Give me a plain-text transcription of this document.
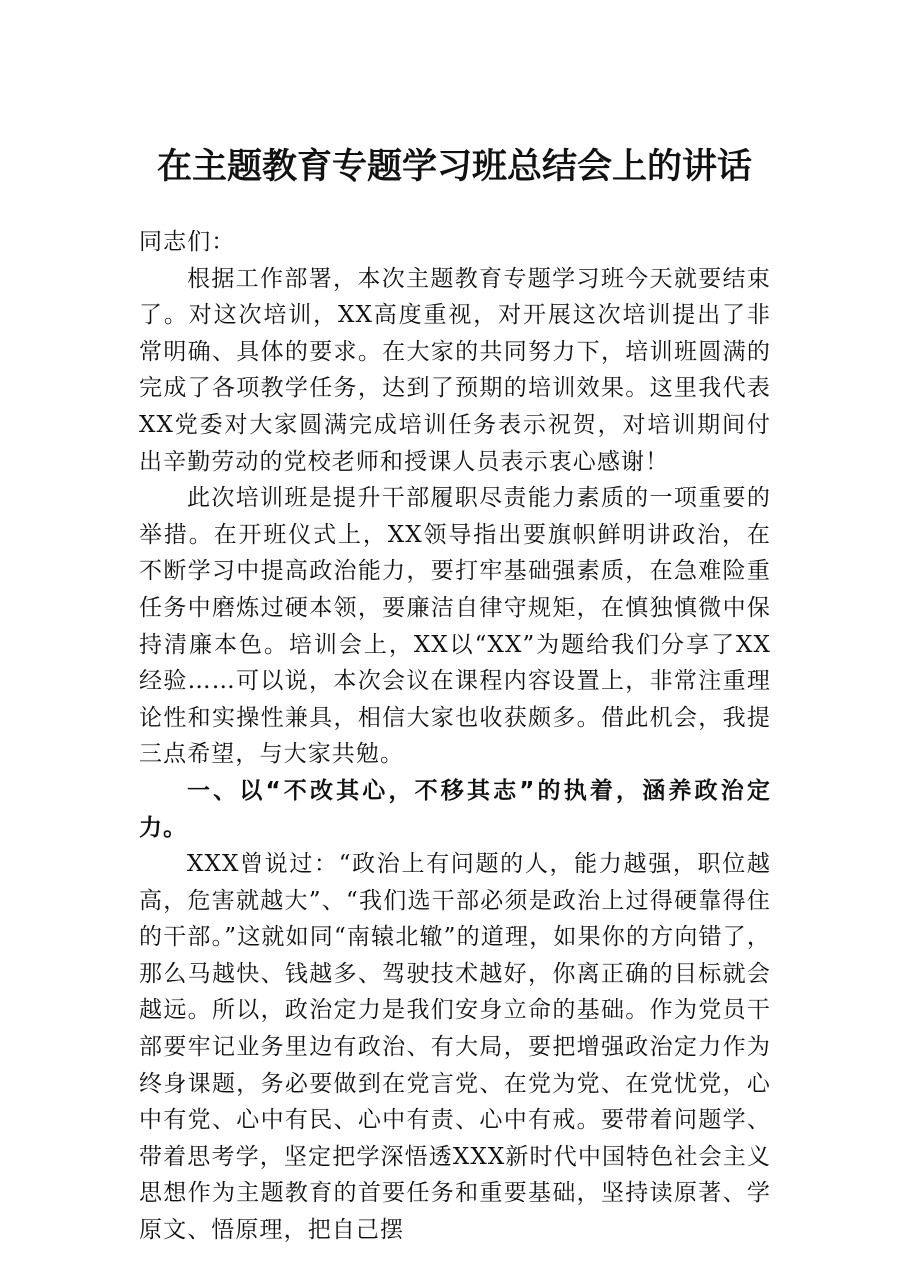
在主题教育专题学习班总结会上的讲话

同志们：

根据工作部署，本次主题教育专题学习班今天就要结束了。对这次培训，XX高度重视，对开展这次培训提出了非常明确、具体的要求。在大家的共同努力下，培训班圆满的完成了各项教学任务，达到了预期的培训效果。这里我代表XX党委对大家圆满完成培训任务表示祝贺，对培训期间付出辛勤劳动的党校老师和授课人员表示衷心感谢！

此次培训班是提升干部履职尽责能力素质的一项重要的举措。在开班仪式上，XX领导指出要旗帜鲜明讲政治，在不断学习中提高政治能力，要打牢基础强素质，在急难险重任务中磨炼过硬本领，要廉洁自律守规矩，在慎独慎微中保持清廉本色。培训会上，XX以“XX”为题给我们分享了XX经验……可以说，本次会议在课程内容设置上，非常注重理论性和实操性兼具，相信大家也收获颇多。借此机会，我提三点希望，与大家共勉。

一、以“不改其心，不移其志”的执着，涵养政治定力。

XXX曾说过：“政治上有问题的人，能力越强，职位越高，危害就越大”、“我们选干部必须是政治上过得硬靠得住的干部。”这就如同“南辕北辙”的道理，如果你的方向错了，那么马越快、钱越多、驾驶技术越好，你离正确的目标就会越远。所以，政治定力是我们安身立命的基础。作为党员干部要牢记业务里边有政治、有大局，要把增强政治定力作为终身课题，务必要做到在党言党、在党为党、在党忧党，心中有党、心中有民、心中有责、心中有戒。要带着问题学、带着思考学，坚定把学深悟透XXX新时代中国特色社会主义思想作为主题教育的首要任务和重要基础，坚持读原著、学原文、悟原理，把自己摆
